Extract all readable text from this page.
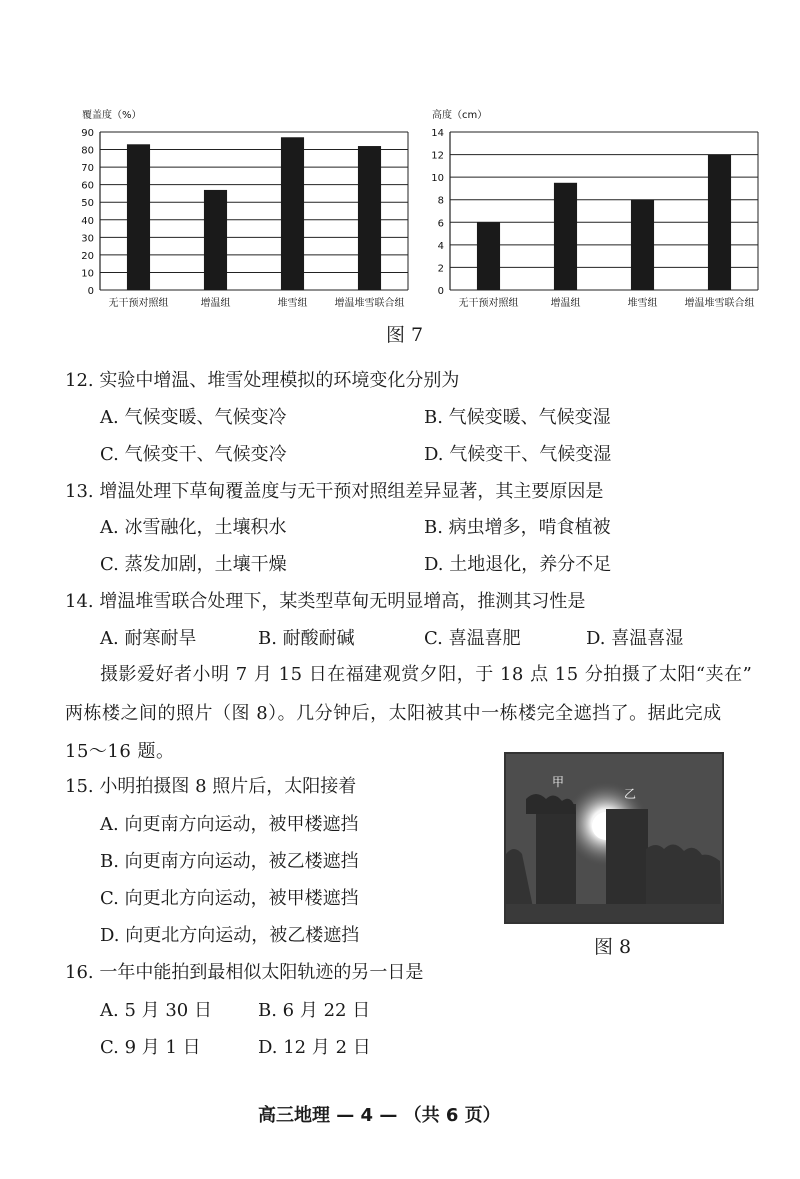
覆盖度（%）
0
10
20
30
40
50
60
70
80
90
无干预对照组	增温组	堆雪组	增温堆雪联合组
高度（cm）
0
2
4
6
8
10
12
14
无干预对照组	增温组	堆雪组	增温堆雪联合组
图 7
12. 实验中增温、堆雪处理模拟的环境变化分别为
A. 气候变暖、气候变冷	B. 气候变暖、气候变湿
C. 气候变干、气候变冷	D. 气候变干、气候变湿
13. 增温处理下草甸覆盖度与无干预对照组差异显著，其主要原因是
A. 冰雪融化，土壤积水	B. 病虫增多，啃食植被
C. 蒸发加剧，土壤干燥	D. 土地退化，养分不足
14. 增温堆雪联合处理下，某类型草甸无明显增高，推测其习性是
A. 耐寒耐旱	B. 耐酸耐碱	C. 喜温喜肥	D. 喜温喜湿
摄影爱好者小明 7 月 15 日在福建观赏夕阳，于 18 点 15 分拍摄了太阳“夹在”
两栋楼之间的照片（图 8）。几分钟后，太阳被其中一栋楼完全遮挡了。据此完成
15～16 题。
甲
乙
图 8
15. 小明拍摄图 8 照片后，太阳接着
A. 向更南方向运动，被甲楼遮挡
B. 向更南方向运动，被乙楼遮挡
C. 向更北方向运动，被甲楼遮挡
D. 向更北方向运动，被乙楼遮挡
16. 一年中能拍到最相似太阳轨迹的另一日是
A. 5 月 30 日	B. 6 月 22 日
C. 9 月 1 日	D. 12 月 2 日
高三地理 — 4 — （共 6 页）
